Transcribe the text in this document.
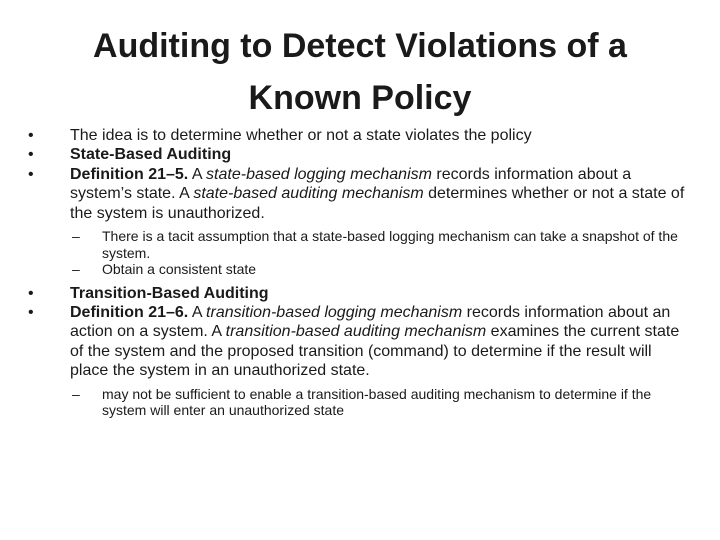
Auditing to Detect Violations of a
Known Policy

•	The idea is to determine whether or not a state violates the policy

•	State-Based Auditing

•	Definition 21–5. A state-based logging mechanism records information about a system’s state. A state-based auditing mechanism determines whether or not a state of the system is unauthorized.

– There is a tacit assumption that a state-based logging mechanism can take a snapshot of the system.

– Obtain a consistent state

•	Transition-Based Auditing

•	Definition 21–6. A transition-based logging mechanism records information about an action on a system. A transition-based auditing mechanism examines the current state of the system and the proposed transition (command) to determine if the result will place the system in an unauthorized state.

– may not be sufficient to enable a transition-based auditing mechanism to determine if the system will enter an unauthorized state
